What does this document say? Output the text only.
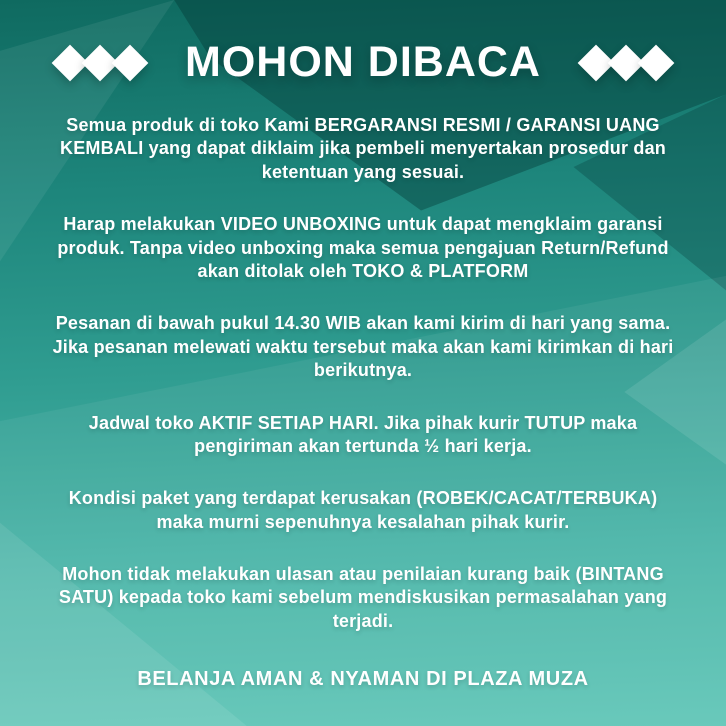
MOHON DIBACA

Semua produk di toko Kami BERGARANSI RESMI / GARANSI UANG KEMBALI yang dapat diklaim jika pembeli menyertakan prosedur dan ketentuan yang sesuai.

Harap melakukan VIDEO UNBOXING untuk dapat mengklaim garansi produk. Tanpa video unboxing maka semua pengajuan Return/Refund akan ditolak oleh TOKO & PLATFORM

Pesanan di bawah pukul 14.30 WIB akan kami kirim di hari yang sama. Jika pesanan melewati waktu tersebut maka akan kami kirimkan di hari berikutnya.

Jadwal toko AKTIF SETIAP HARI. Jika pihak kurir TUTUP maka pengiriman akan tertunda ½ hari kerja.

Kondisi paket yang terdapat kerusakan (ROBEK/CACAT/TERBUKA) maka murni sepenuhnya kesalahan pihak kurir.

Mohon tidak melakukan ulasan atau penilaian kurang baik (BINTANG SATU) kepada toko kami sebelum mendiskusikan permasalahan yang terjadi.

BELANJA AMAN & NYAMAN DI PLAZA MUZA
